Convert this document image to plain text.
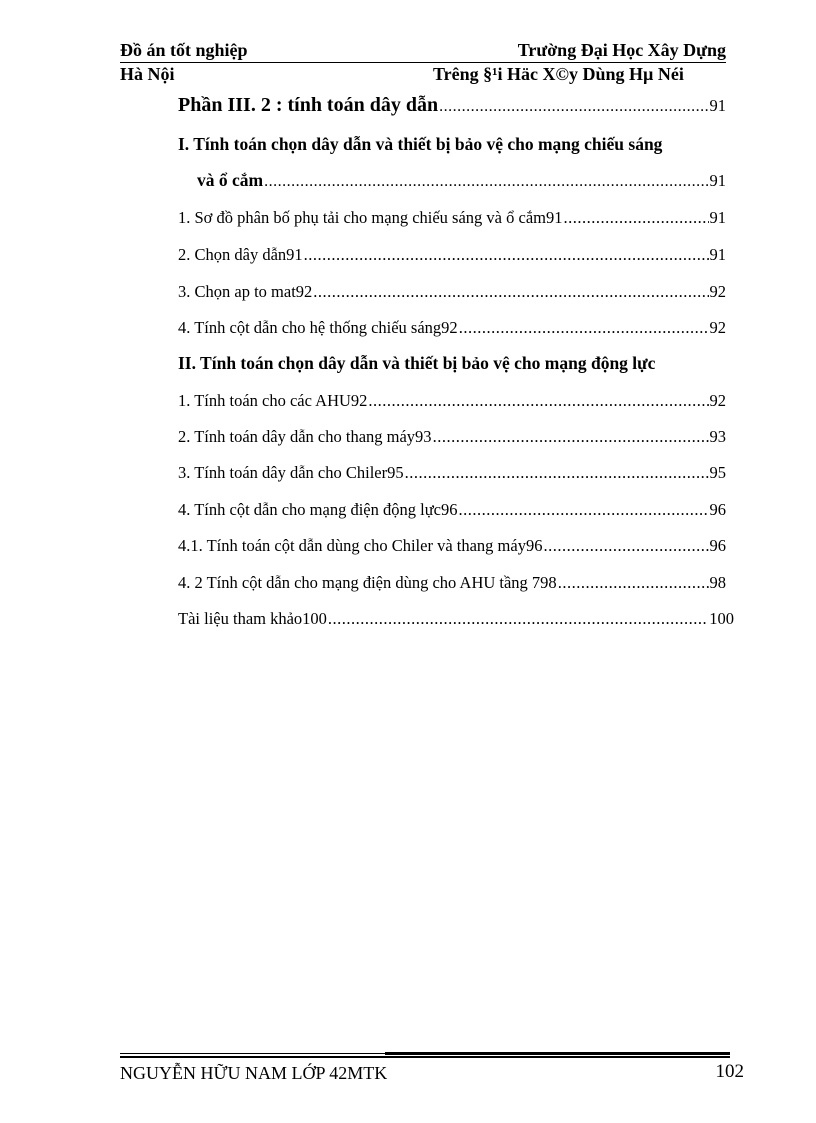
Đồ án tốt nghiệp	Trường Đại Học Xây Dựng
Hà Nội	Trêng §¹i Häc X©y Dùng Hµ Néi
Phần III. 2 : tính toán dây dẫn .....	91
I. Tính toán chọn dây dẫn và thiết bị bảo vệ cho mạng chiếu sáng
và ổ cắm .....	91
1. Sơ đồ phân bố phụ tải cho mạng chiếu sáng và ổ cắm91 .....	91
2. Chọn dây dẫn91 .....	91
3. Chọn ap to mat92 .....	92
4. Tính cột dẫn cho hệ thống chiếu sáng92 .....	92
II. Tính toán chọn dây dẫn và thiết bị bảo vệ cho mạng động lực
1. Tính toán cho các AHU92 .....	92
2. Tính toán dây dẫn cho thang máy93 .....	93
3. Tính toán dây dẫn cho Chiler95 .....	95
4. Tính cột dẫn cho mạng điện động lực96 .....	96
4.1. Tính toán cột dẫn dùng cho Chiler và thang máy96 .....	96
4. 2 Tính cột dẫn cho mạng điện dùng cho AHU tầng 798 .....	98
Tài liệu tham khảo100 .....	100
NGUYỄN HỮU NAM LỚP 42MTK	102
